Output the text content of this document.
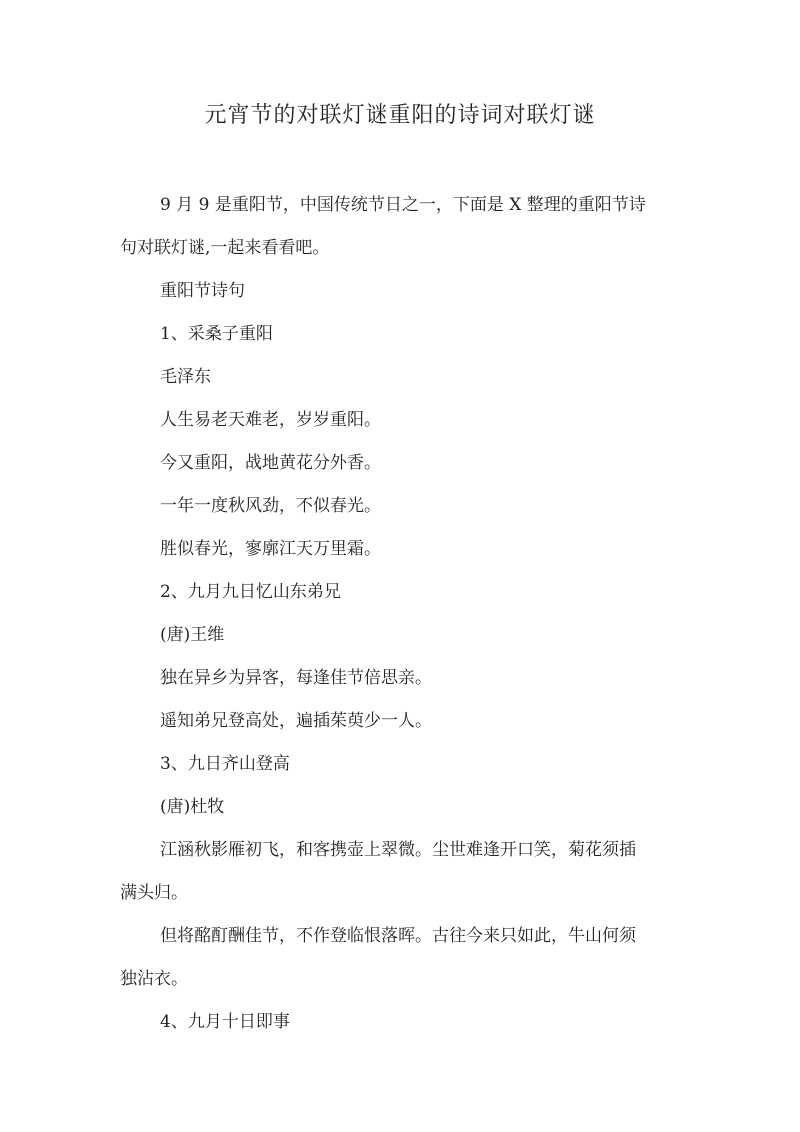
元宵节的对联灯谜重阳的诗词对联灯谜

9 月 9 是重阳节，中国传统节日之一，下面是 X 整理的重阳节诗

句对联灯谜,一起来看看吧。

重阳节诗句

1、采桑子重阳

毛泽东

人生易老天难老，岁岁重阳。

今又重阳，战地黄花分外香。

一年一度秋风劲，不似春光。

胜似春光，寥廓江天万里霜。

2、九月九日忆山东弟兄

(唐)王维

独在异乡为异客，每逢佳节倍思亲。

遥知弟兄登高处，遍插茱萸少一人。

3、九日齐山登高

(唐)杜牧

江涵秋影雁初飞，和客携壶上翠微。尘世难逢开口笑，菊花须插

满头归。

但将酩酊酬佳节，不作登临恨落晖。古往今来只如此，牛山何须

独沾衣。

4、九月十日即事
